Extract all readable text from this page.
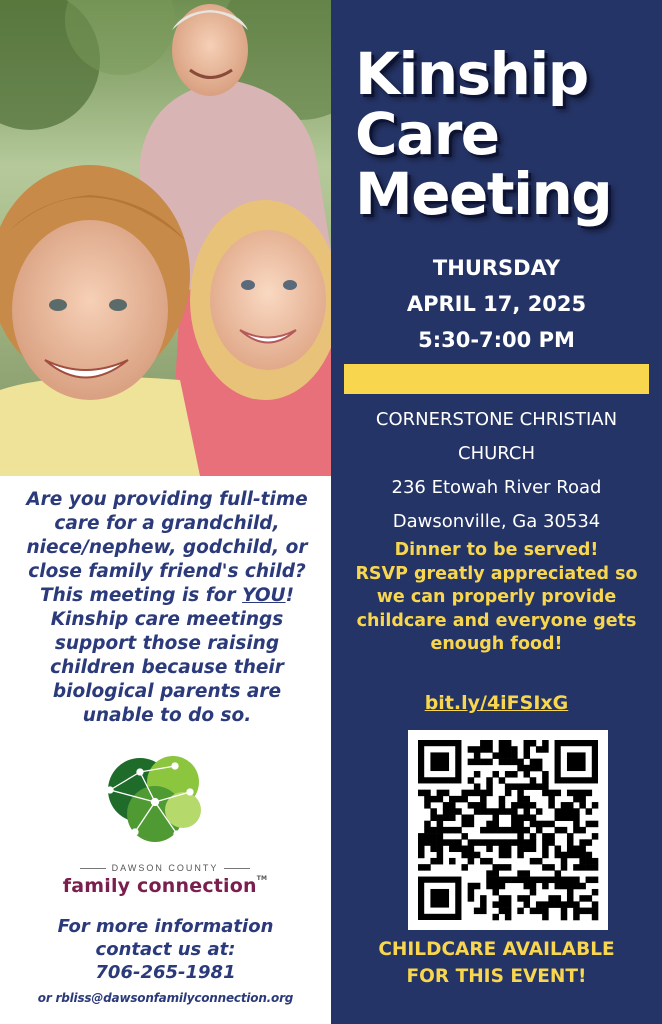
Are you providing full-time
care for a grandchild,
niece/nephew, godchild, or
close family friend's child?
This meeting is for YOU!
Kinship care meetings
support those raising
children because their
biological parents are
unable to do so.
DAWSON COUNTY
family connection™
For more information
contact us at:
706-265-1981
or rbliss@dawsonfamilyconnection.org
Kinship
Care
Meeting
THURSDAY
APRIL 17, 2025
5:30-7:00 PM
CORNERSTONE CHRISTIAN
CHURCH
236 Etowah River Road
Dawsonville, Ga 30534
Dinner to be served!
RSVP greatly appreciated so
we can properly provide
childcare and everyone gets
enough food!
bit.ly/4iFSIxG
CHILDCARE AVAILABLE
FOR THIS EVENT!
